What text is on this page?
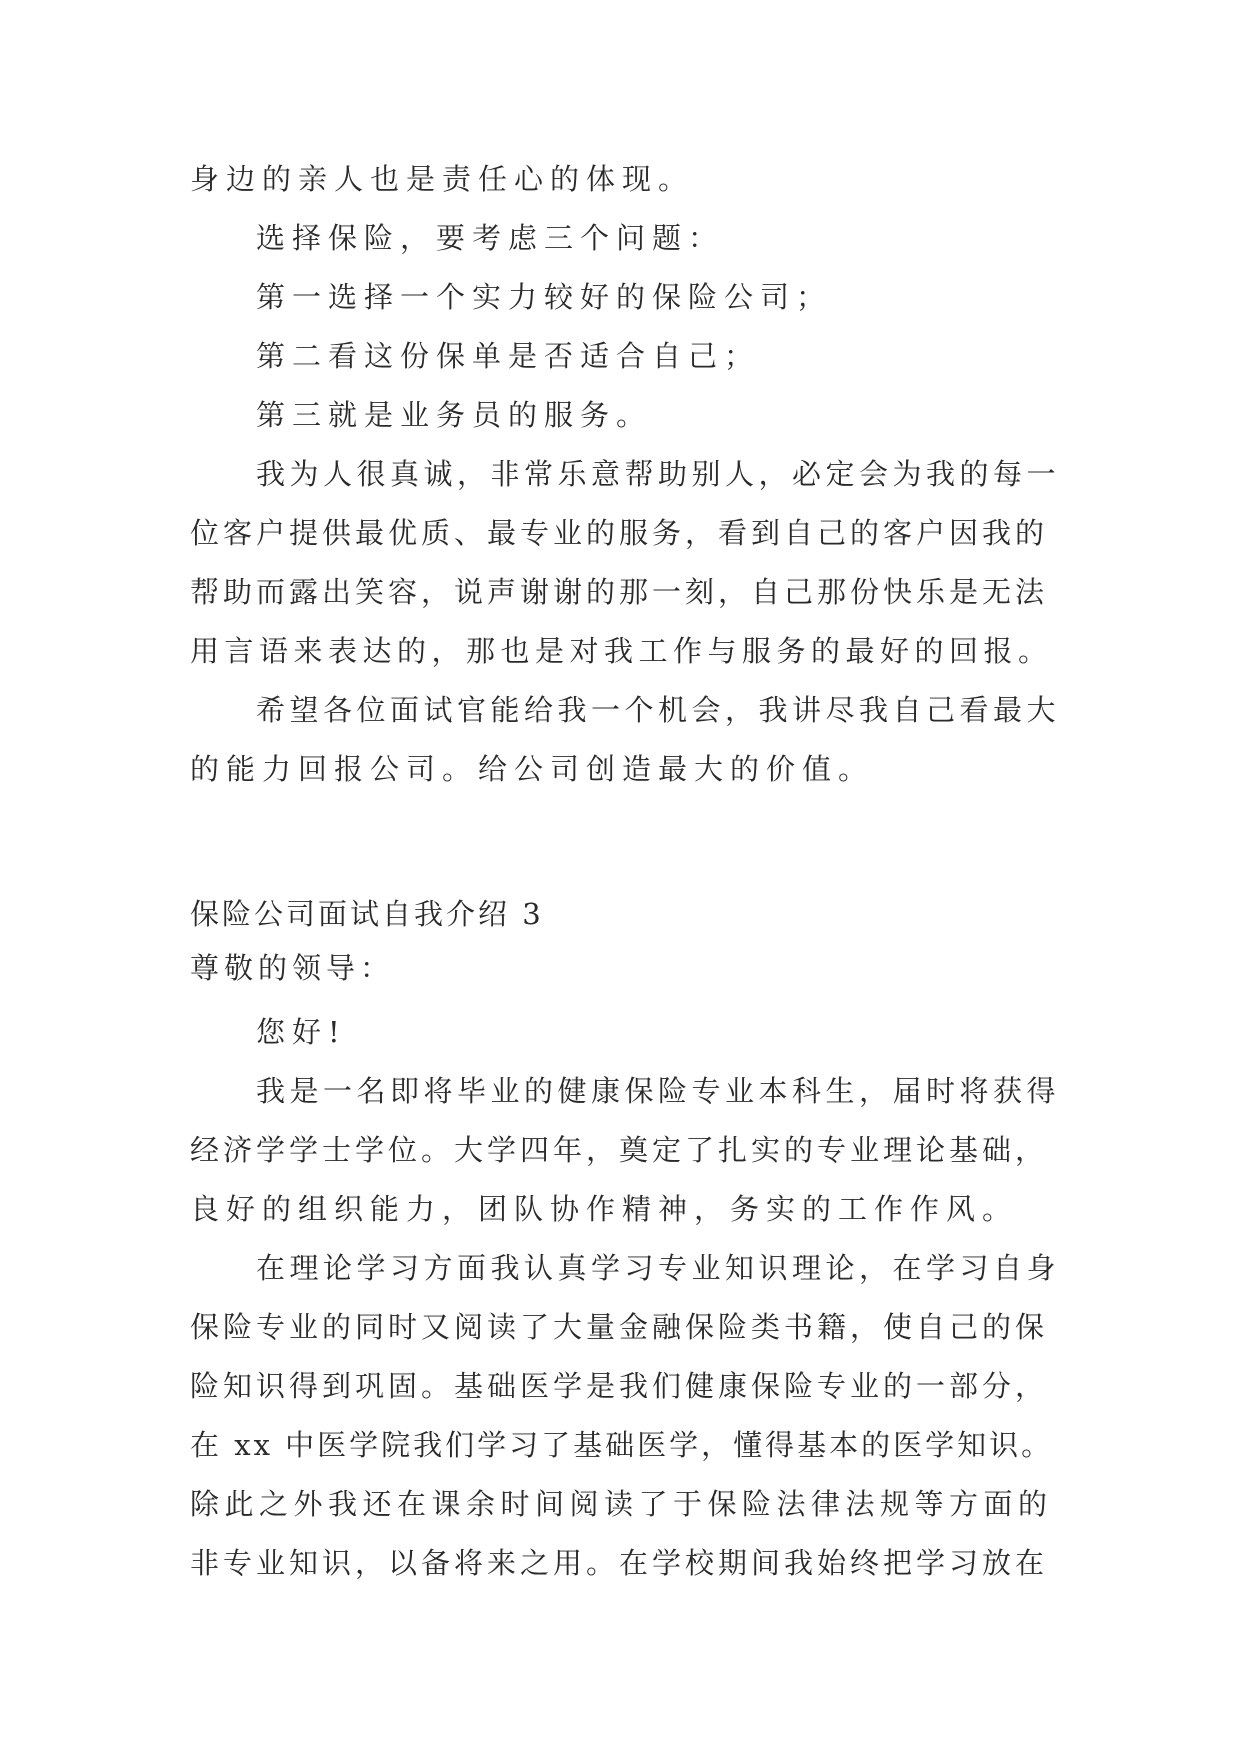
身边的亲人也是责任心的体现。
选择保险，要考虑三个问题：
第一选择一个实力较好的保险公司；
第二看这份保单是否适合自己；
第三就是业务员的服务。
我为人很真诚，非常乐意帮助别人，必定会为我的每一
位客户提供最优质、最专业的服务，看到自己的客户因我的
帮助而露出笑容，说声谢谢的那一刻，自己那份快乐是无法
用言语来表达的，那也是对我工作与服务的最好的回报。
希望各位面试官能给我一个机会，我讲尽我自己看最大
的能力回报公司。给公司创造最大的价值。
保险公司面试自我介绍 3
尊敬的领导：
您好!
我是一名即将毕业的健康保险专业本科生，届时将获得
经济学学士学位。大学四年，奠定了扎实的专业理论基础，
良好的组织能力，团队协作精神，务实的工作作风。
在理论学习方面我认真学习专业知识理论，在学习自身
保险专业的同时又阅读了大量金融保险类书籍，使自己的保
险知识得到巩固。基础医学是我们健康保险专业的一部分，
在 xx 中医学院我们学习了基础医学，懂得基本的医学知识。
除此之外我还在课余时间阅读了于保险法律法规等方面的
非专业知识，以备将来之用。在学校期间我始终把学习放在
